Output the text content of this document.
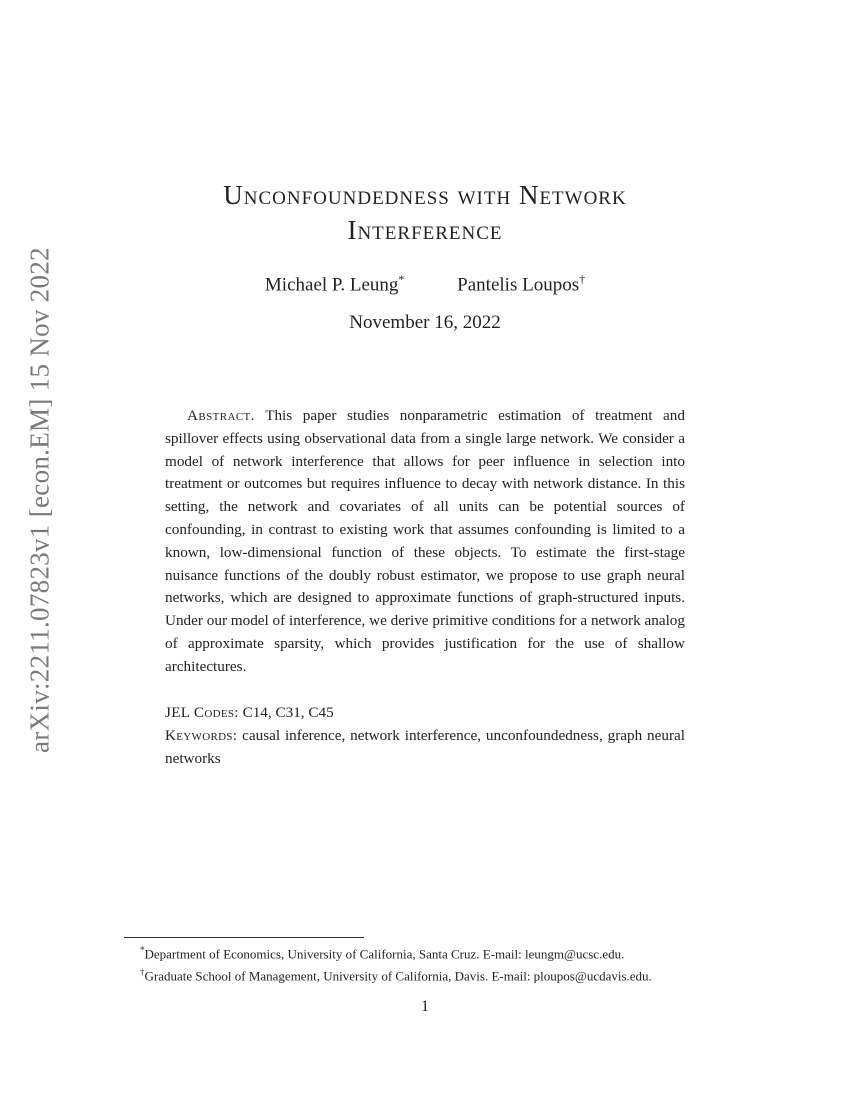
arXiv:2211.07823v1 [econ.EM] 15 Nov 2022
Unconfoundedness with Network
Interference
Michael P. Leung*	Pantelis Loupos†
November 16, 2022
Abstract. This paper studies nonparametric estimation of treatment and spillover effects using observational data from a single large network. We consider a model of network interference that allows for peer influence in selection into treatment or outcomes but requires influence to decay with network distance. In this setting, the network and covariates of all units can be potential sources of confounding, in contrast to existing work that assumes confounding is limited to a known, low-dimensional function of these objects. To estimate the first-stage nuisance functions of the doubly robust estimator, we propose to use graph neural networks, which are designed to approximate functions of graph-structured inputs. Under our model of interference, we derive primitive conditions for a network analog of approximate sparsity, which provides justification for the use of shallow architectures.
JEL Codes: C14, C31, C45
Keywords: causal inference, network interference, unconfoundedness, graph neural networks
*Department of Economics, University of California, Santa Cruz. E-mail: leungm@ucsc.edu.
†Graduate School of Management, University of California, Davis. E-mail: ploupos@ucdavis.edu.
1
